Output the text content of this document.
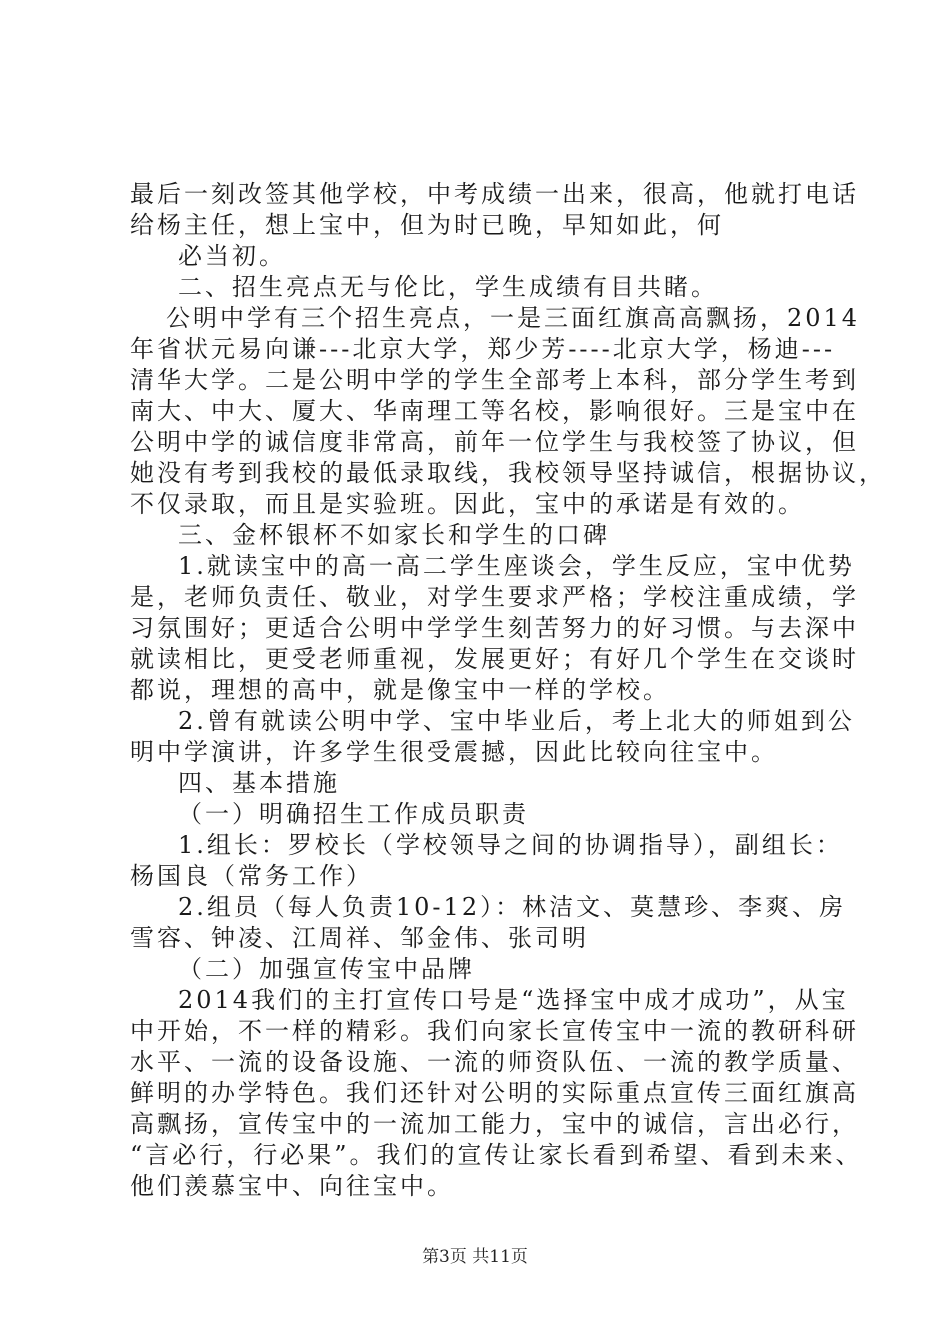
最后一刻改签其他学校，中考成绩一出来，很高，他就打电话
给杨主任，想上宝中，但为时已晚，早知如此，何
必当初。
二、招生亮点无与伦比，学生成绩有目共睹。
公明中学有三个招生亮点，一是三面红旗高高飘扬，2014
年省状元易向谦---北京大学，郑少芳----北京大学，杨迪---
清华大学。二是公明中学的学生全部考上本科，部分学生考到
南大、中大、厦大、华南理工等名校，影响很好。三是宝中在
公明中学的诚信度非常高，前年一位学生与我校签了协议，但
她没有考到我校的最低录取线，我校领导坚持诚信，根据协议，
不仅录取，而且是实验班。因此，宝中的承诺是有效的。
三、金杯银杯不如家长和学生的口碑
1.就读宝中的高一高二学生座谈会，学生反应，宝中优势
是，老师负责任、敬业，对学生要求严格；学校注重成绩，学
习氛围好；更适合公明中学学生刻苦努力的好习惯。与去深中
就读相比，更受老师重视，发展更好；有好几个学生在交谈时
都说，理想的高中，就是像宝中一样的学校。
2.曾有就读公明中学、宝中毕业后，考上北大的师姐到公
明中学演讲，许多学生很受震撼，因此比较向往宝中。
四、基本措施
（一）明确招生工作成员职责
1.组长：罗校长（学校领导之间的协调指导），副组长：
杨国良（常务工作）
2.组员（每人负责10-12）：林洁文、莫慧珍、李爽、房
雪容、钟凌、江周祥、邹金伟、张司明
（二）加强宣传宝中品牌
2014我们的主打宣传口号是“选择宝中成才成功”，从宝
中开始，不一样的精彩。我们向家长宣传宝中一流的教研科研
水平、一流的设备设施、一流的师资队伍、一流的教学质量、
鲜明的办学特色。我们还针对公明的实际重点宣传三面红旗高
高飘扬，宣传宝中的一流加工能力，宝中的诚信，言出必行，
“言必行，行必果”。我们的宣传让家长看到希望、看到未来、
他们羡慕宝中、向往宝中。
第3页 共11页
